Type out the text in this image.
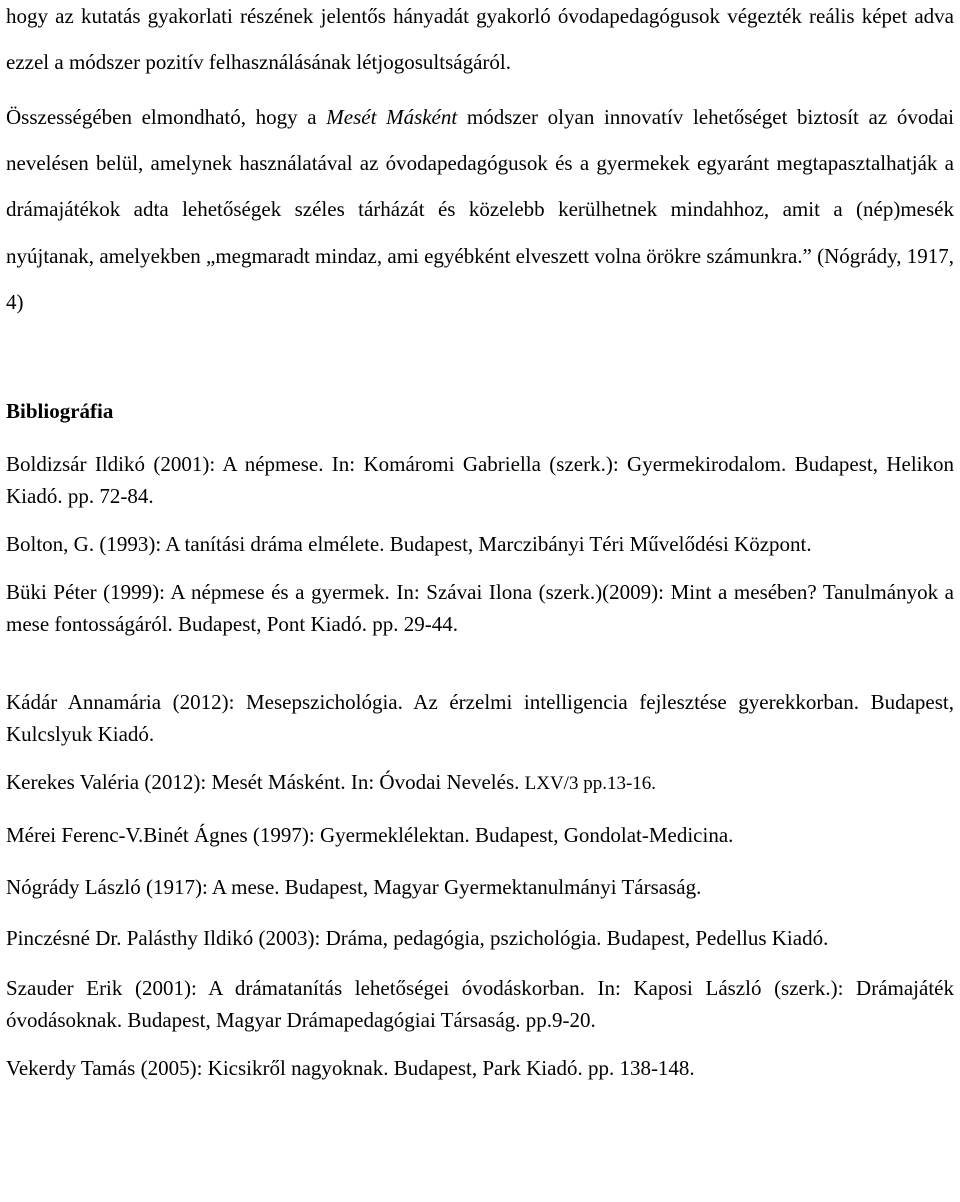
hogy az kutatás gyakorlati részének jelentős hányadát gyakorló óvodapedagógusok végezték reális képet adva ezzel a módszer pozitív felhasználásának létjogosultságáról.

Összességében elmondható, hogy a Mesét Másként módszer olyan innovatív lehetőséget biztosít az óvodai nevelésen belül, amelynek használatával az óvodapedagógusok és a gyermekek egyaránt megtapasztalhatják a drámajátékok adta lehetőségek széles tárházát és közelebb kerülhetnek mindahhoz, amit a (nép)mesék nyújtanak, amelyekben „megmaradt mindaz, ami egyébként elveszett volna örökre számunkra.” (Nógrády, 1917, 4)

Bibliográfia

Boldizsár Ildikó (2001): A népmese. In: Komáromi Gabriella (szerk.): Gyermekirodalom. Budapest, Helikon Kiadó. pp. 72-84.

Bolton, G. (1993): A tanítási dráma elmélete. Budapest, Marczibányi Téri Művelődési Központ.

Büki Péter (1999): A népmese és a gyermek. In: Szávai Ilona (szerk.)(2009): Mint a mesében? Tanulmányok a mese fontosságáról. Budapest, Pont Kiadó. pp. 29-44.

Kádár Annamária (2012): Mesepszichológia. Az érzelmi intelligencia fejlesztése gyerekkorban. Budapest, Kulcslyuk Kiadó.

Kerekes Valéria (2012): Mesét Másként. In: Óvodai Nevelés. LXV/3 pp.13-16.

Mérei Ferenc-V.Binét Ágnes (1997): Gyermeklélektan. Budapest, Gondolat-Medicina.

Nógrády László (1917): A mese. Budapest, Magyar Gyermektanulmányi Társaság.

Pinczésné Dr. Palásthy Ildikó (2003): Dráma, pedagógia, pszichológia. Budapest, Pedellus Kiadó.

Szauder Erik (2001): A drámatanítás lehetőségei óvodáskorban. In: Kaposi László (szerk.): Drámajáték óvodásoknak. Budapest, Magyar Drámapedagógiai Társaság. pp.9-20.

Vekerdy Tamás (2005): Kicsikről nagyoknak. Budapest, Park Kiadó. pp. 138-148.
